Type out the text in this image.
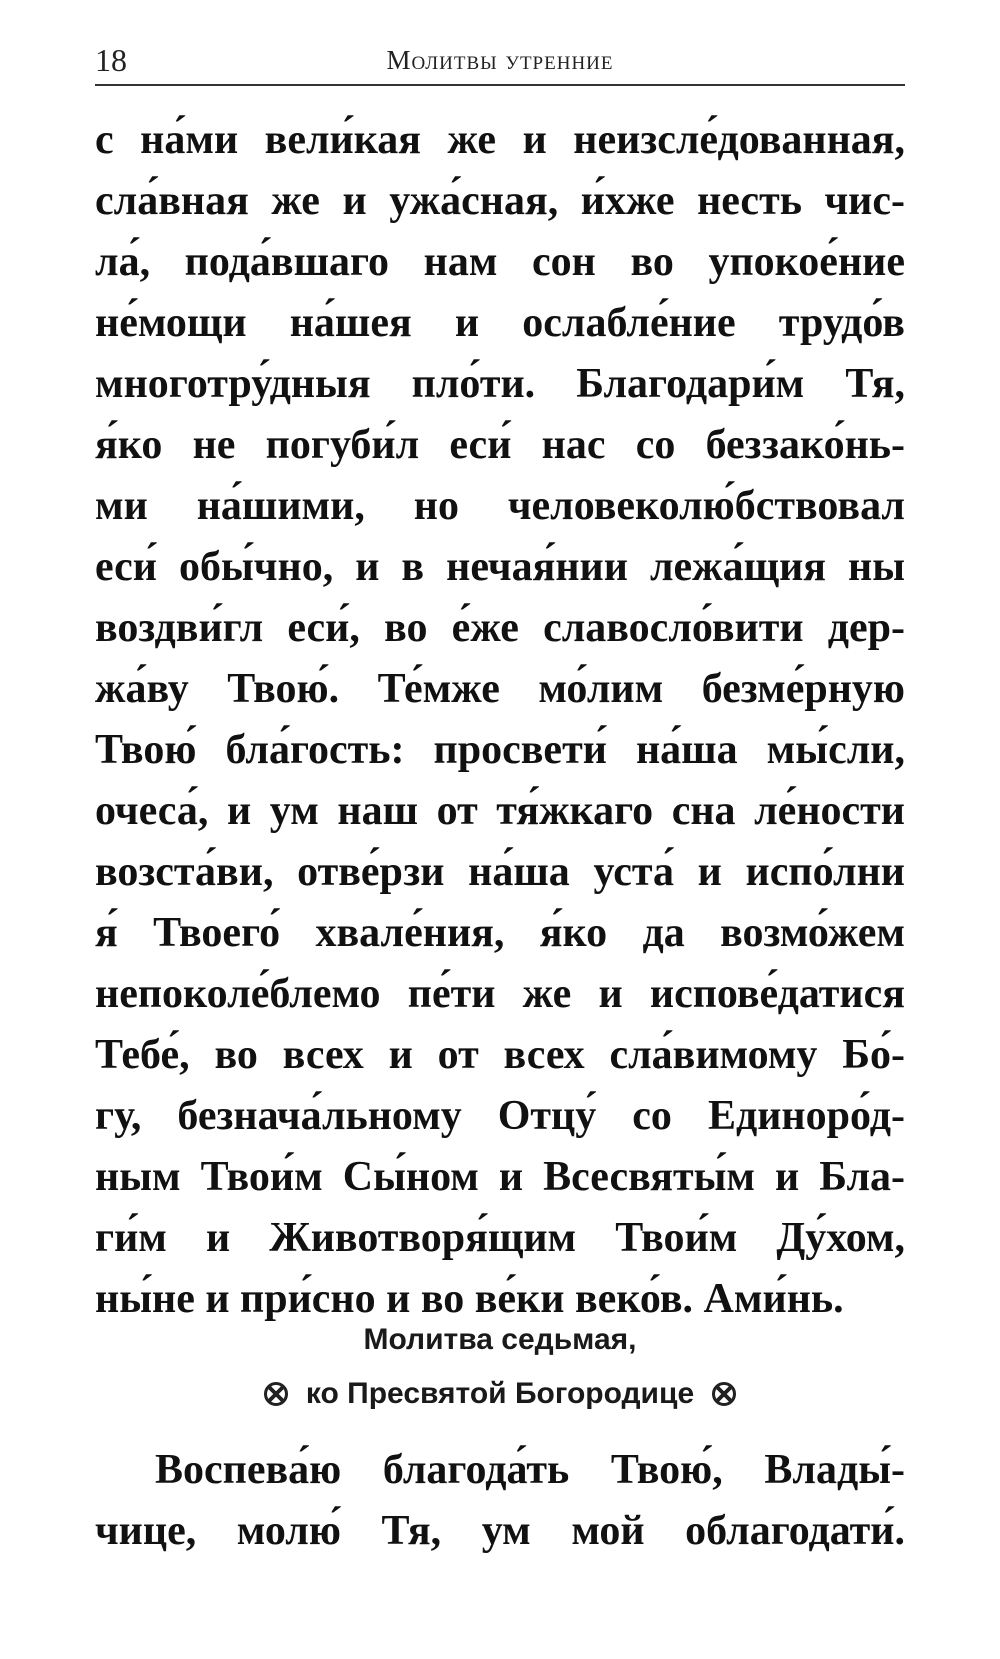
18	Молитвы утренние
с на́ми вели́кая же и неизсле́дованная,
сла́вная же и ужа́сная, и́хже несть чис-
ла́, пода́вшаго нам сон во упокое́ние
не́мощи на́шея и ослабле́ние трудо́в
многотру́дныя пло́ти. Благодари́м Тя,
я́ко не погуби́л еси́ нас со беззако́нь-
ми на́шими, но человеколю́бствовал
еси́ обы́чно, и в нечая́нии лежа́щия ны
воздви́гл еси́, во е́же славосло́вити дер-
жа́ву Твою́. Те́мже мо́лим безме́рную
Твою́ бла́гость: просвети́ на́ша мы́сли,
очеса́, и ум наш от тя́жкаго сна ле́ности
возста́ви, отве́рзи на́ша уста́ и испо́лни
я́ Твоего́ хвале́ния, я́ко да возмо́жем
непоколе́блемо пе́ти же и испове́датися
Тебе́, во всех и от всех сла́вимому Бо́-
гу, безнача́льному Отцу́ со Единоро́д-
ным Твои́м Сы́ном и Всесвяты́м и Бла-
ги́м и Животворя́щим Твои́м Ду́хом,
ны́не и при́сно и во ве́ки веко́в. Ами́нь.
Молитва седьмая,
ко Пресвятой Богородице
Воспева́ю благода́ть Твою́, Влады́-
чице, молю́ Тя, ум мой облагодати́.
